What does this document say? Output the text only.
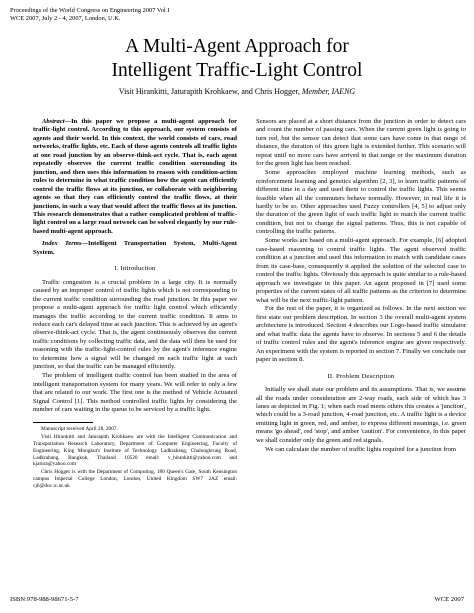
Proceedings of the World Congress on Engineering 2007 Vol I
WCE 2007, July 2 - 4, 2007, London, U.K.
A Multi-Agent Approach for
Intelligent Traffic-Light Control
Visit Hirankitti, Jaturapith Krohkaew, and Chris Hogger, Member, IAENG

Abstract—In this paper we propose a multi-agent approach for traffic-light control. According to this approach, our system consists of agents and their world. In this context, the world consists of cars, road networks, traffic lights, etc. Each of these agents controls all traffic lights at one road junction by an observe-think-act cycle. That is, each agent repeatedly observes the current traffic condition surrounding its junction, and then uses this information to reason with condition-action rules to determine in what traffic condition how the agent can efficiently control the traffic flows at its junction, or collaborate with neighboring agents so that they can efficiently control the traffic flows, at their junctions, in such a way that would affect the traffic flows at its junction. This research demonstrates that a rather complicated problem of traffic-light control on a large road network can be solved elegantly by our rule-based multi-agent approach.

Index Terms—Intelligent Transportation System, Multi-Agent System.

I. Introduction

Traffic congestion is a crucial problem in a large city. It is normally caused by an improper control of traffic lights which is not corresponding to the current traffic condition surrounding the road junction. In this paper we propose a multi-agent approach for traffic light control which efficiently manages the traffic according to the current traffic condition. It aims to reduce each car's delayed time at each junction. This is achieved by an agent's observe-think-act cycle. That is, the agent continuously observes the current traffic conditions by collecting traffic data, and the data will then be used for reasoning with the traffic-light-control rules by the agent's inference engine to determine how a signal will be changed on each traffic light at each junction, so that the traffic can be managed efficiently.

The problem of intelligent traffic control has been studied in the area of intelligent transportation system for many years. We will refer to only a few that are related to our work. The first one is the method of Vehicle Actuated Signal Control [1]. This method controlled traffic lights by considering the number of cars waiting in the queue to be serviced by a traffic light.

Manuscript received April 28, 2007.

Visit Hirankitti and Jaturapith Krohkaew are with the Intelligent Communication and Transportation Research Laboratory, Department of Computer Engineering, Faculty of Engineering, King Mongkut's Institute of Technology Ladkrabang, Chalongkrung Road, Ladkrabang, Bangkok, Thailand 10520 email: v_hirankitti@yahoo.com and kjatura@yahoo.com

Chris Hogger is with the Department of Computing, 180 Queen's Gate, South Kensington campus Imperial College London, London, United Kingdom SW7 2AZ email: cjh@doc.ic.ac.uk

Sensors are placed at a short distance from the junction in order to detect cars and count the number of passing cars. When the current green light is going to turn red, but the sensor can detect that some cars have come in that range of distance, the duration of this green light is extended further. This scenario will repeat until no more cars have arrived in that range or the maximum duration for the green light has been reached.

Some approaches employed machine learning methods, such as reinforcement learning and genetics algorithm [2, 3], to learn traffic patterns of different time in a day and used them to control the traffic lights. This seems feasible when all the commuters behave normally. However, in real life it is hardly to be so. Other approaches used Fuzzy controllers [4, 5] to adjust only the duration of the green light of each traffic light to match the current traffic condition, but not to change the signal patterns. Thus, this is not capable of controlling the traffic patterns.

Some works are based on a multi-agent approach. For example, [6] adopted case-based reasoning to control traffic lights. The agent observed traffic condition at a junction and used this information to match with candidate cases from its case-base, consequently it applied the solution of the selected case to control the traffic lights. Obviously this approach is quite similar to a rule-based approach we investigate in this paper. An agent proposed in [7] used some properties of the current states of all traffic patterns as the criterion to determine what will be the next traffic-light pattern.

For the rest of the paper, it is organized as follows. In the next section we first state our problem description. In section 3 the overall multi-agent system architecture is introduced. Section 4 describes our Logo-based traffic simulator and what traffic data the agents have to observe. In sections 5 and 6 the details of traffic control rules and the agent's inference engine are given respectively. An experiment with the system is reported in section 7. Finally we conclude our paper in section 8.

II. Problem Description

Initially we shall state our problem and its assumptions. That is, we assume all the roads under consideration are 2-way roads, each side of which has 3 lanes as depicted in Fig. 1; when each road meets others this creates a 'junction', which could be a 3-road junction, 4-road junction, etc. A traffic light is a device emitting light in green, red, and amber, to express different meanings, i.e. green means 'go ahead', red 'stop', and amber 'caution'. For convenience, in this paper we shall consider only the green and red signals.

We can calculate the number of traffic lights required for a junction from

ISBN:978-988-98671-5-7	WCE 2007
